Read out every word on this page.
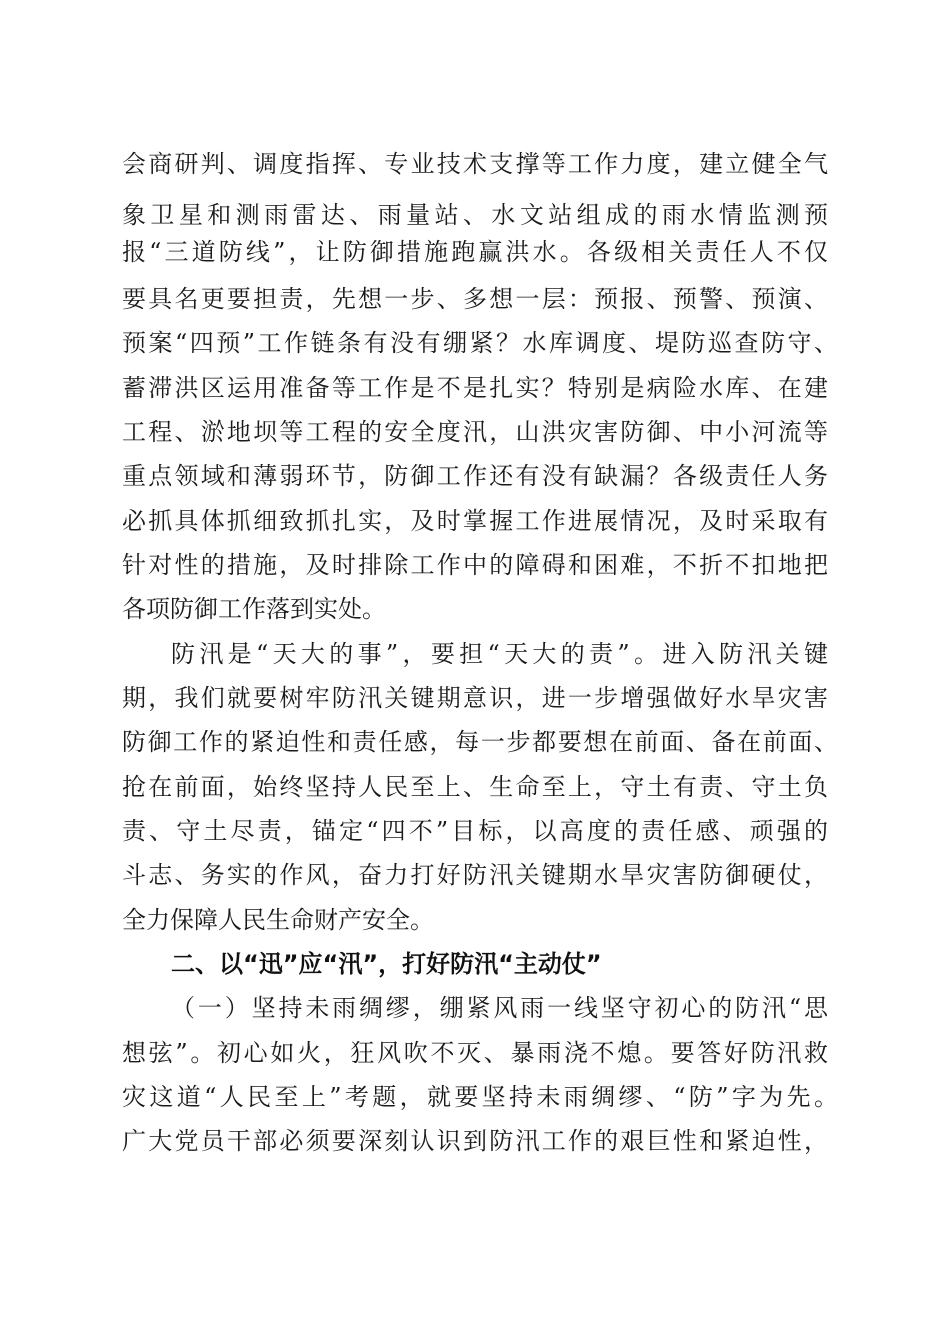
会商研判、调度指挥、专业技术支撑等工作力度，建立健全气
象卫星和测雨雷达、雨量站、水文站组成的雨水情监测预
报“三道防线”，让防御措施跑赢洪水。各级相关责任人不仅
要具名更要担责，先想一步、多想一层：预报、预警、预演、
预案“四预”工作链条有没有绷紧？水库调度、堤防巡查防守、
蓄滞洪区运用准备等工作是不是扎实？特别是病险水库、在建
工程、淤地坝等工程的安全度汛，山洪灾害防御、中小河流等
重点领域和薄弱环节，防御工作还有没有缺漏？各级责任人务
必抓具体抓细致抓扎实，及时掌握工作进展情况，及时采取有
针对性的措施，及时排除工作中的障碍和困难，不折不扣地把
各项防御工作落到实处。
防汛是“天大的事”，要担“天大的责”。进入防汛关键
期，我们就要树牢防汛关键期意识，进一步增强做好水旱灾害
防御工作的紧迫性和责任感，每一步都要想在前面、备在前面、
抢在前面，始终坚持人民至上、生命至上，守土有责、守土负
责、守土尽责，锚定“四不”目标，以高度的责任感、顽强的
斗志、务实的作风，奋力打好防汛关键期水旱灾害防御硬仗，
全力保障人民生命财产安全。
二、以“迅”应“汛”，打好防汛“主动仗”
（一）坚持未雨绸缪，绷紧风雨一线坚守初心的防汛“思
想弦”。初心如火，狂风吹不灭、暴雨浇不熄。要答好防汛救
灾这道“人民至上”考题，就要坚持未雨绸缪、“防”字为先。
广大党员干部必须要深刻认识到防汛工作的艰巨性和紧迫性，
